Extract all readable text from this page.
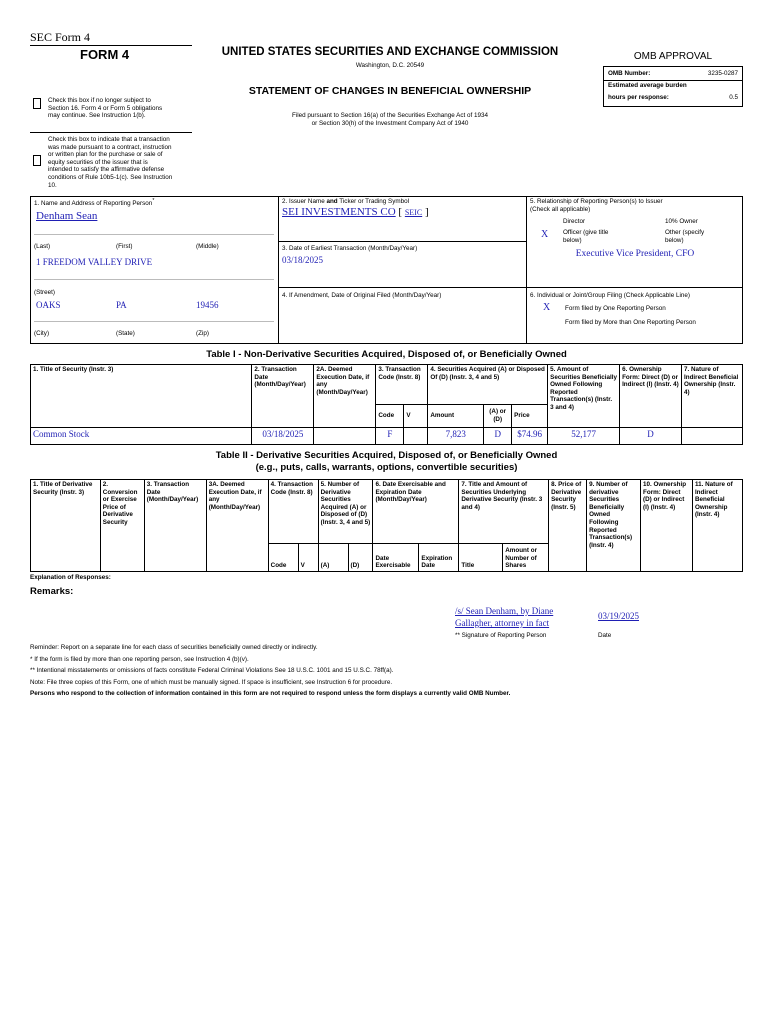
SEC Form 4
FORM 4	UNITED STATES SECURITIES AND EXCHANGE COMMISSION
Washington, D.C. 20549
Check this box if no longer subject to Section 16. Form 4 or Form 5 obligations may continue. See Instruction 1(b).
STATEMENT OF CHANGES IN BENEFICIAL OWNERSHIP
Filed pursuant to Section 16(a) of the Securities Exchange Act of 1934
or Section 30(h) of the Investment Company Act of 1940
Check this box to indicate that a transaction was made pursuant to a contract, instruction or written plan for the purchase or sale of equity securities of the issuer that is intended to satisfy the affirmative defense conditions of Rule 10b5-1(c). See Instruction 10.
OMB APPROVAL
OMB Number:	3235-0287
Estimated average burden
hours per response:	0.5
1. Name and Address of Reporting Person*
Denham Sean
(Last)	(First)	(Middle)
1 FREEDOM VALLEY DRIVE
(Street)
OAKS	PA	19456
(City)	(State)	(Zip)
2. Issuer Name and Ticker or Trading Symbol
SEI INVESTMENTS CO [ SEIC ]
3. Date of Earliest Transaction (Month/Day/Year)
03/18/2025
4. If Amendment, Date of Original Filed (Month/Day/Year)
5. Relationship of Reporting Person(s) to Issuer
(Check all applicable)
Director	10% Owner
X Officer (give title
below)
Other (specify
below)
Executive Vice President, CFO
6. Individual or Joint/Group Filing (Check Applicable Line)
X Form filed by One Reporting Person
Form filed by More than One Reporting Person
Table I - Non-Derivative Securities Acquired, Disposed of, or Beneficially Owned
1. Title of Security (Instr. 3)	2. Transaction Date (Month/Day/Year)	2A. Deemed Execution Date, if any (Month/Day/Year)	3. Transaction Code (Instr. 8)		4. Securities Acquired (A) or Disposed Of (D) (Instr. 3, 4 and 5)			5. Amount of Securities Beneficially Owned Following Reported Transaction(s) (Instr. 3 and 4)	6. Ownership Form: Direct (D) or Indirect (I) (Instr. 4)	7. Nature of Indirect Beneficial Ownership (Instr. 4)
			Code	V	Amount	(A) or (D)	Price			
Common Stock	03/18/2025		F		7,823	D	$74.96	52,177	D	
Table II - Derivative Securities Acquired, Disposed of, or Beneficially Owned
(e.g., puts, calls, warrants, options, convertible securities)
1. Title of Derivative Security (Instr. 3)	2. Conversion or Exercise Price of Derivative Security	3. Transaction Date (Month/Day/Year)	3A. Deemed Execution Date, if any (Month/Day/Year)	4. Transaction Code (Instr. 8)		5. Number of Derivative Securities Acquired (A) or Disposed of (D) (Instr. 3, 4 and 5)		6. Date Exercisable and Expiration Date (Month/Day/Year)		7. Title and Amount of Securities Underlying Derivative Security (Instr. 3 and 4)		8. Price of Derivative Security (Instr. 5)	9. Number of derivative Securities Beneficially Owned Following Reported Transaction(s) (Instr. 4)	10. Ownership Form: Direct (D) or Indirect (I) (Instr. 4)	11. Nature of Indirect Beneficial Ownership (Instr. 4)
				Code	V	(A)	(D)	Date Exercisable	Expiration Date	Title	Amount or Number of Shares				
Explanation of Responses:
Remarks:
/s/ Sean Denham, by Diane
Gallagher, attorney in fact
03/19/2025
** Signature of Reporting Person	Date
Reminder: Report on a separate line for each class of securities beneficially owned directly or indirectly.
* If the form is filed by more than one reporting person, see Instruction 4 (b)(v).
** Intentional misstatements or omissions of facts constitute Federal Criminal Violations See 18 U.S.C. 1001 and 15 U.S.C. 78ff(a).
Note: File three copies of this Form, one of which must be manually signed. If space is insufficient, see Instruction 6 for procedure.
Persons who respond to the collection of information contained in this form are not required to respond unless the form displays a currently valid OMB Number.
